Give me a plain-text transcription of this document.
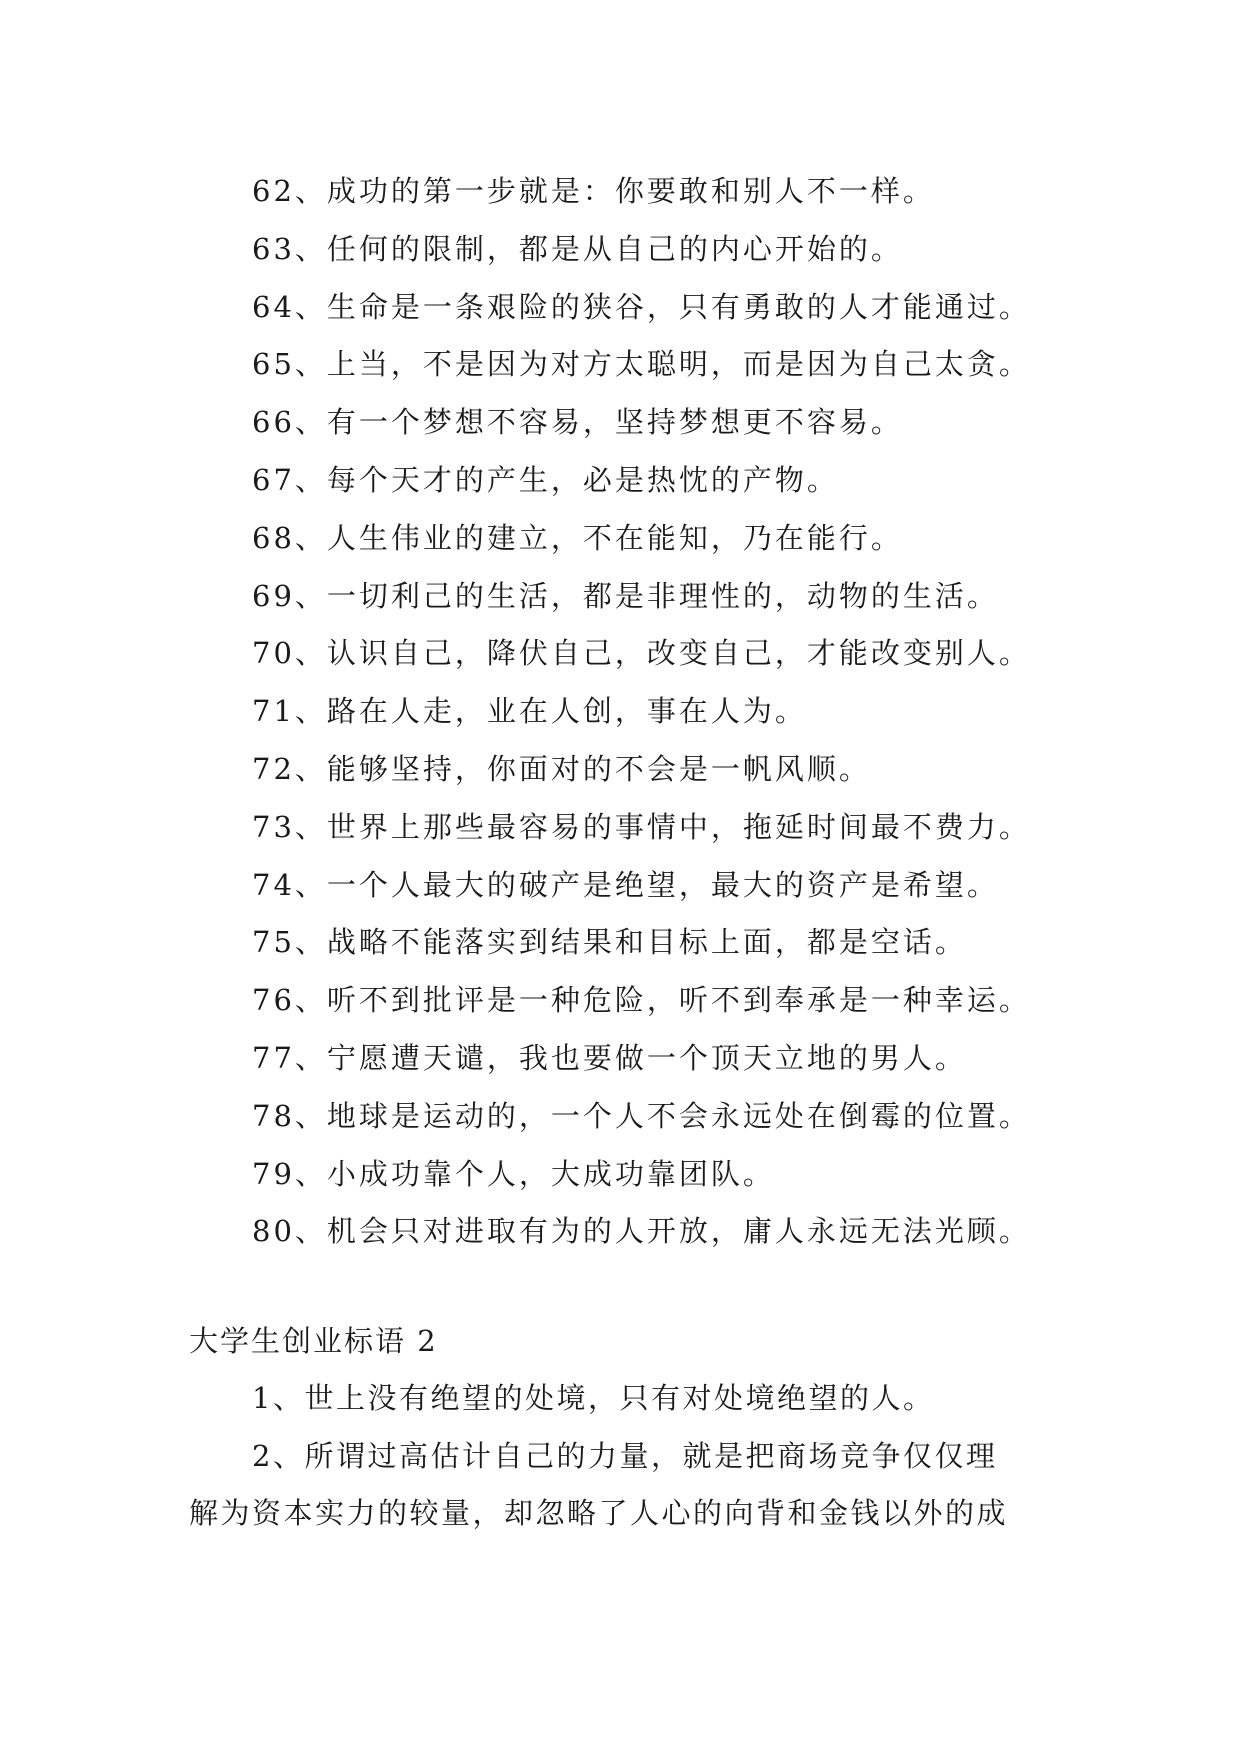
62、成功的第一步就是：你要敢和别人不一样。
63、任何的限制，都是从自己的内心开始的。
64、生命是一条艰险的狭谷，只有勇敢的人才能通过。
65、上当，不是因为对方太聪明，而是因为自己太贪。
66、有一个梦想不容易，坚持梦想更不容易。
67、每个天才的产生，必是热忱的产物。
68、人生伟业的建立，不在能知，乃在能行。
69、一切利己的生活，都是非理性的，动物的生活。
70、认识自己，降伏自己，改变自己，才能改变别人。
71、路在人走，业在人创，事在人为。
72、能够坚持，你面对的不会是一帆风顺。
73、世界上那些最容易的事情中，拖延时间最不费力。
74、一个人最大的破产是绝望，最大的资产是希望。
75、战略不能落实到结果和目标上面，都是空话。
76、听不到批评是一种危险，听不到奉承是一种幸运。
77、宁愿遭天谴，我也要做一个顶天立地的男人。
78、地球是运动的，一个人不会永远处在倒霉的位置。
79、小成功靠个人，大成功靠团队。
80、机会只对进取有为的人开放，庸人永远无法光顾。
大学生创业标语 2
1、世上没有绝望的处境，只有对处境绝望的人。
2、所谓过高估计自己的力量，就是把商场竞争仅仅理
解为资本实力的较量，却忽略了人心的向背和金钱以外的成
